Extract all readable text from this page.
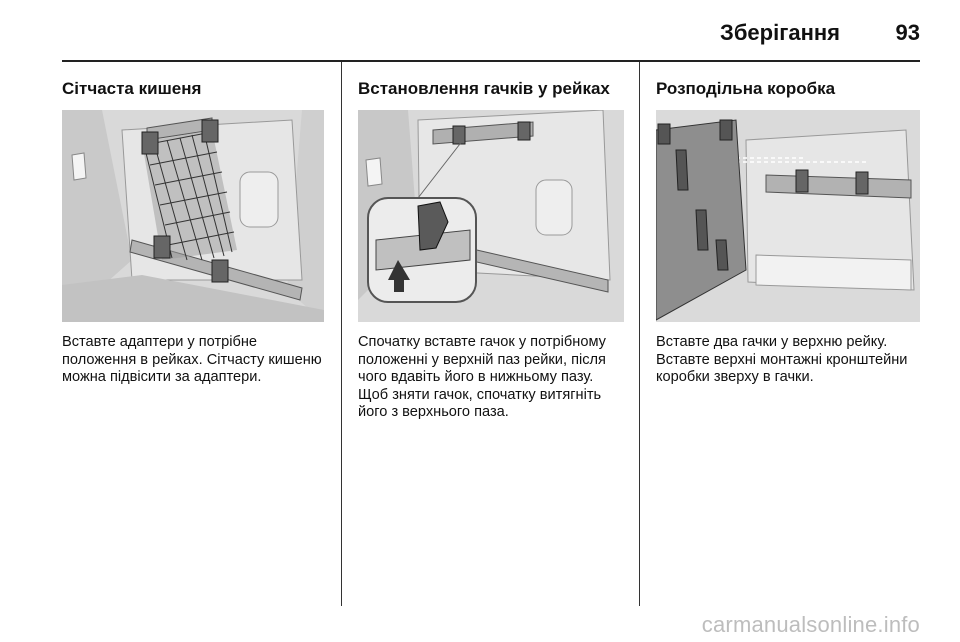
Зберігання	93
Сітчаста кишеня

Вставте адаптери у потрібне положення в рейках. Сітчасту кишеню можна підвісити за адаптери.

Встановлення гачків у рейках

Спочатку вставте гачок у потрібному положенні у верхній паз рейки, після чого вдавіть його в нижньому пазу. Щоб зняти гачок, спочатку витягніть його з верхнього паза.

Розподільна коробка

Вставте два гачки у верхню рейку. Вставте верхні монтажні кронштейни коробки зверху в гачки.

carmanualsonline.info
